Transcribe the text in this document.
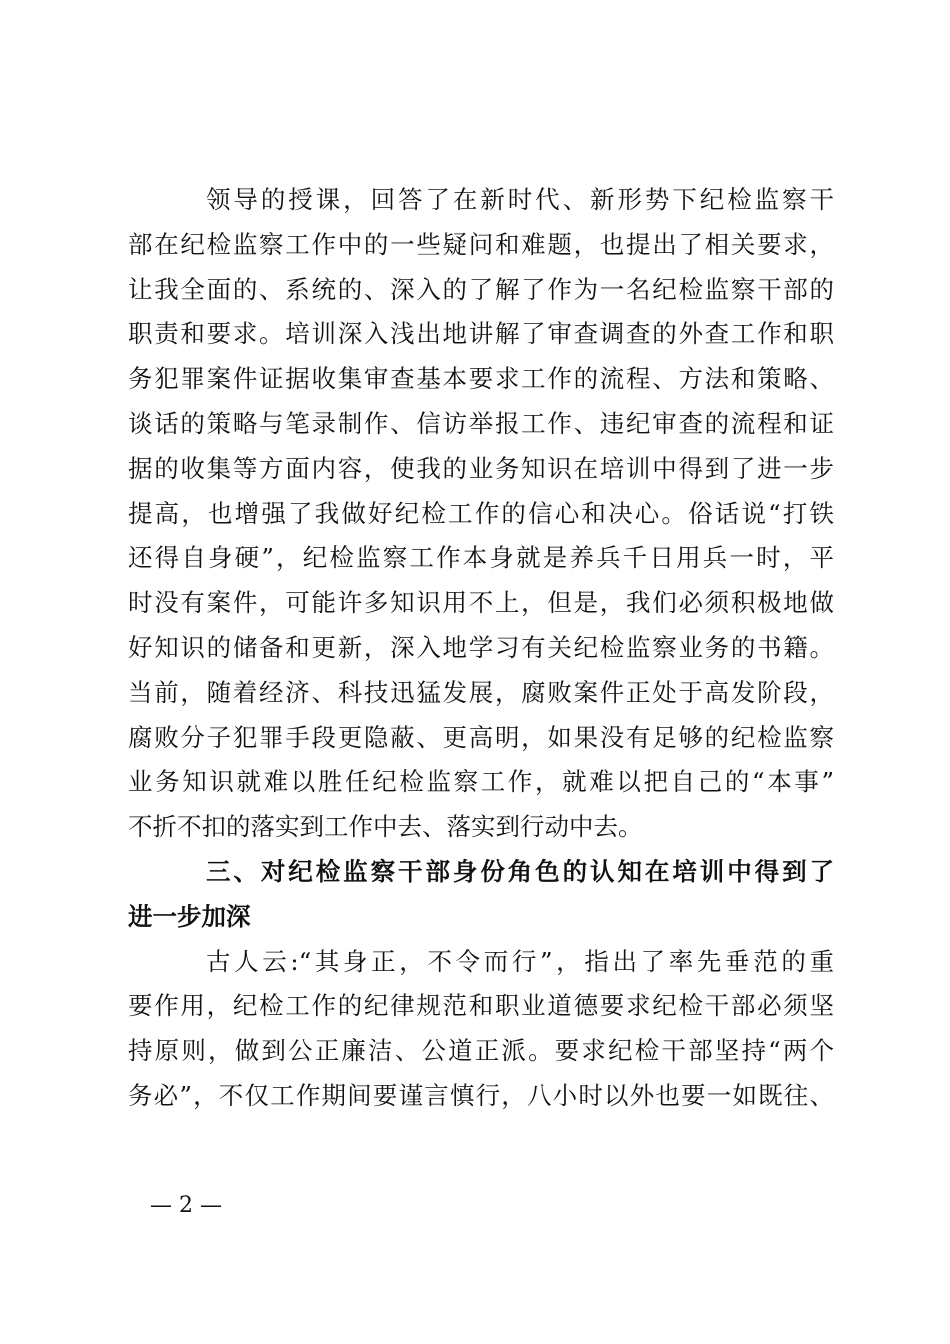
领导的授课，回答了在新时代、新形势下纪检监察干
部在纪检监察工作中的一些疑问和难题，也提出了相关要求，
让我全面的、系统的、深入的了解了作为一名纪检监察干部的
职责和要求。培训深入浅出地讲解了审查调查的外查工作和职
务犯罪案件证据收集审查基本要求工作的流程、方法和策略、
谈话的策略与笔录制作、信访举报工作、违纪审查的流程和证
据的收集等方面内容，使我的业务知识在培训中得到了进一步
提高，也增强了我做好纪检工作的信心和决心。俗话说“打铁
还得自身硬”，纪检监察工作本身就是养兵千日用兵一时，平
时没有案件，可能许多知识用不上，但是，我们必须积极地做
好知识的储备和更新，深入地学习有关纪检监察业务的书籍。
当前，随着经济、科技迅猛发展，腐败案件正处于高发阶段，
腐败分子犯罪手段更隐蔽、更高明，如果没有足够的纪检监察
业务知识就难以胜任纪检监察工作，就难以把自己的“本事”
不折不扣的落实到工作中去、落实到行动中去。
三、对纪检监察干部身份角色的认知在培训中得到了
进一步加深
古人云:“其身正，不令而行”，指出了率先垂范的重
要作用，纪检工作的纪律规范和职业道德要求纪检干部必须坚
持原则，做到公正廉洁、公道正派。要求纪检干部坚持“两个
务必”，不仅工作期间要谨言慎行，八小时以外也要一如既往、
— 2 —
